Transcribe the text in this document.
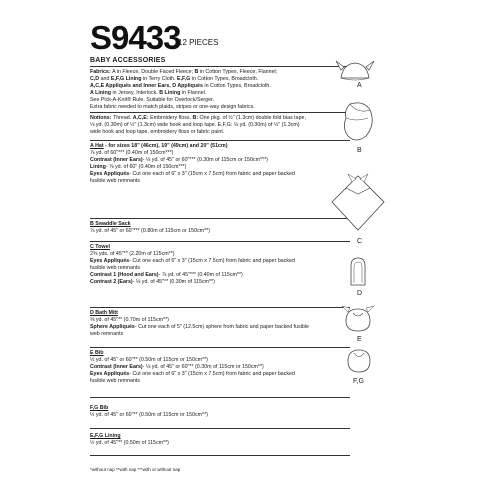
S9433
12 PIECES
BABY ACCESSORIES
Fabrics: A in Fleece, Double Faced Fleece; B in Cotton Types, Fleece, Flannel;
C,D and E,F,G Lining in Terry Cloth. E,F,G in Cotton Types, Broadcloth.
A,C,E Appliqués and Inner Ears, D Appliqués in Cotton Types, Broadcloth.
A Lining in Jersey, Interlock. B Lining in Flannel.
See Pick-A-Knit® Rule. Suitable for Overlock/Serger.
Extra fabric needed to match plaids, stripes or one-way design fabrics.
Notions: Thread. A,C,E: Embroidery floss. B: One pkg. of ½" (1.3cm) double fold bias tape,
⅛ yd. (0.30m) of ½" (1.3cm) wide hook and loop tape. E,F,G: ⅛ yd. (0.30m) of ½" (1.3cm)
wide hook and loop tape, embroidery floss or fabric paint.
A Hat - for sizes 18" (46cm), 19" (49cm) and 20" (51cm)
⅞ yd. of 60"*** (0.40m of 150cm***)
Contrast (Inner Ears)- ⅛ yd. of 45" or 60"*** (0.30m of 115cm or 150cm***)
Lining- ⅞ yd. of 60" (0.40m of 150cm***)
Eyes Appliqués- Cut one each of 6" x 3" (15cm x 7.5cm) from fabric and paper backed
fusible web remnants
B Swaddle Sack
⅞ yd. of 45" or 60"*** (0.80m of 115cm or 150cm**)
C Towel
2⅜ yds. of 45"** (2.20m of 115cm**)
Eyes Appliqués- Cut one each of 6" x 3" (15cm x 7.5cm) from fabric and paper backed
fusible web remnants
Contrast 1 (Hood and Ears)- ⅞ yd. of 45"*** (0.40m of 115cm**)
Contrast 2 (Ears)- ⅛ yd. of 45"** (0.30m of 115cm**)
D Bath Mitt
⅝ yd. of 45"** (0.70m of 115cm**)
Sphere Appliqués- Cut one each of 5" (12.5cm) sphere from fabric and paper backed fusible
web remnants
E Bib
½ yd. of 45" or 60"** (0.50m of 115cm or 150cm**)
Contrast (Inner Ears)- ⅛ yd. of 45" or 60"** (0.30m of 115cm or 150cm**)
Eyes Appliqués- Cut one each of 6" x 3" (15cm x 7.5cm) from fabric and paper backed
fusible web remnants
F,G Bib
½ yd. of 45" or 60"** (0.50m of 115cm or 150cm**)
E,F,G Lining
½ yd. of 45"** (0.50m of 115cm**)
*without nap **with nap ***with or without nap
A
B
C
D
E
F,G
